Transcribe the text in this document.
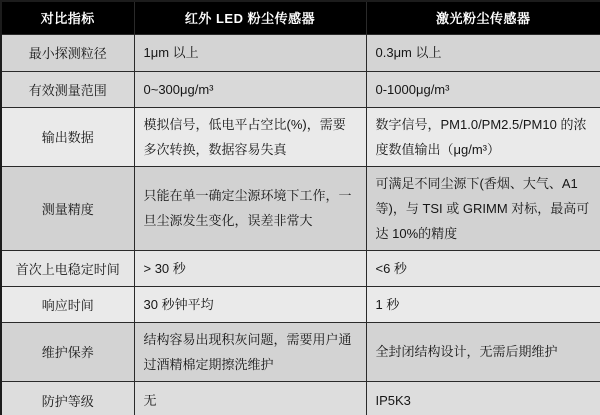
对比指标	红外 LED 粉尘传感器	激光粉尘传感器
最小探测粒径	1μm 以上	0.3μm 以上
有效测量范围	0~300μg/m³	0-1000μg/m³
输出数据	模拟信号，低电平占空比(%)，需要多次转换，数据容易失真	数字信号，PM1.0/PM2.5/PM10 的浓度数值输出（μg/m³）
测量精度	只能在单一确定尘源环境下工作，一旦尘源发生变化，误差非常大	可满足不同尘源下(香烟、大气、A1 等)，与 TSI 或 GRIMM 对标，最高可达 10%的精度
首次上电稳定时间	> 30 秒	<6 秒
响应时间	30 秒钟平均	1 秒
维护保养	结构容易出现积灰问题，需要用户通过酒精棉定期擦洗维护	全封闭结构设计，无需后期维护
防护等级	无	IP5K3
